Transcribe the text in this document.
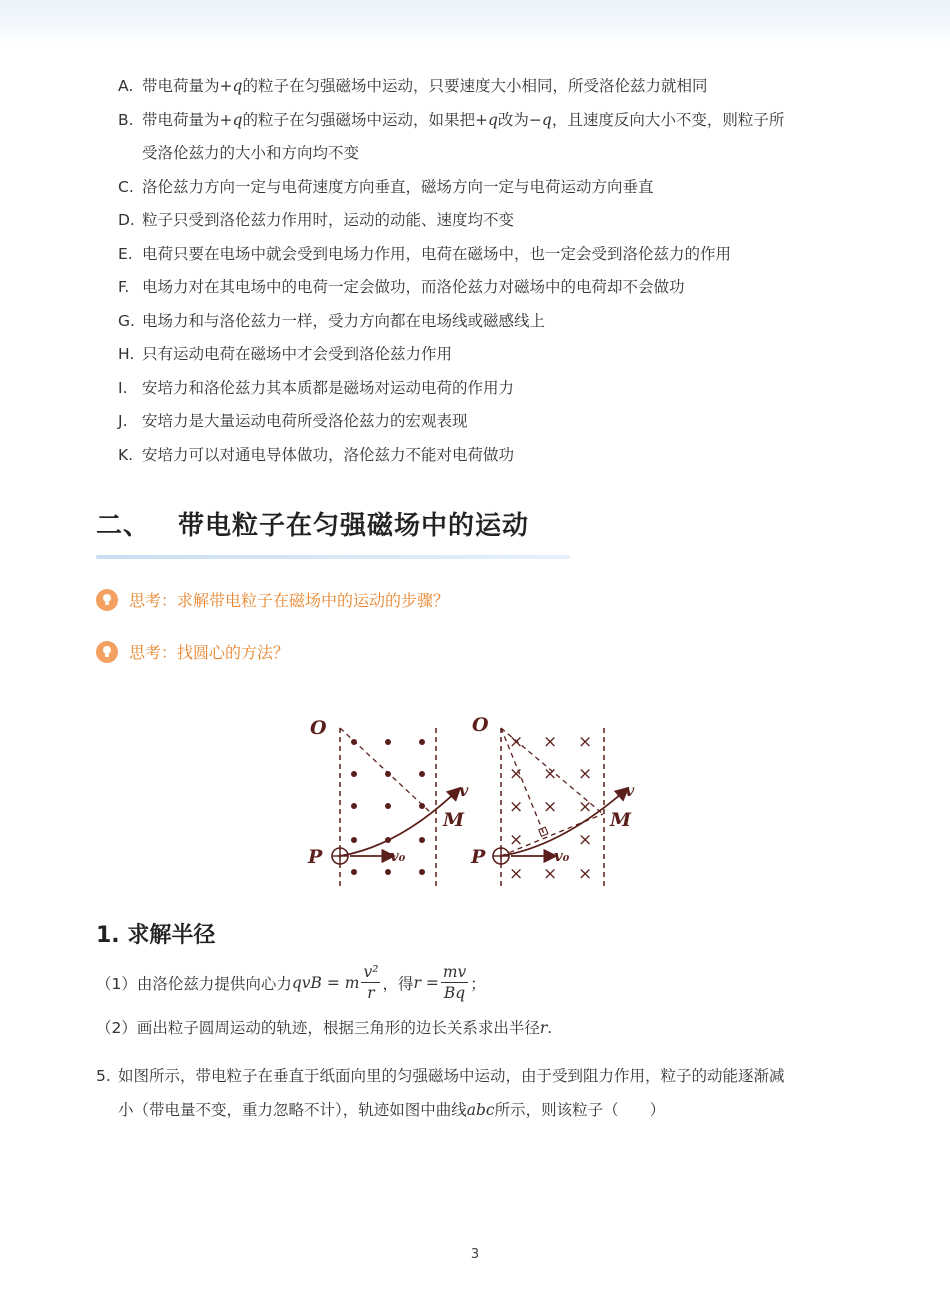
A. 带电荷量为+q的粒子在匀强磁场中运动，只要速度大小相同，所受洛伦兹力就相同
B. 带电荷量为+q的粒子在匀强磁场中运动，如果把+q改为−q，且速度反向大小不变，则粒子所
受洛伦兹力的大小和方向均不变
C. 洛伦兹力方向一定与电荷速度方向垂直，磁场方向一定与电荷运动方向垂直
D. 粒子只受到洛伦兹力作用时，运动的动能、速度均不变
E. 电荷只要在电场中就会受到电场力作用，电荷在磁场中，也一定会受到洛伦兹力的作用
F. 电场力对在其电场中的电荷一定会做功，而洛伦兹力对磁场中的电荷却不会做功
G. 电场力和与洛伦兹力一样，受力方向都在电场线或磁感线上
H. 只有运动电荷在磁场中才会受到洛伦兹力作用
I. 安培力和洛伦兹力其本质都是磁场对运动电荷的作用力
J. 安培力是大量运动电荷所受洛伦兹力的宏观表现
K. 安培力可以对通电导体做功，洛伦兹力不能对电荷做功
二、 带电粒子在匀强磁场中的运动
思考：求解带电粒子在磁场中的运动的步骤？
思考：找圆心的方法？
× × ×
× × ×
× × ×
×	×
× × ×
O
P
M
v
v₀
O
P
M
v
v₀
1. 求解半径
（1）由洛伦兹力提供向心力 qvB = m $\frac{\text{v²}}{r}$ ，得 $r = \frac{mv}{Bq}$ ；
（2）画出粒子圆周运动的轨迹，根据三角形的边长关系求出半径r.
5. 如图所示，带电粒子在垂直于纸面向里的匀强磁场中运动，由于受到阻力作用，粒子的动能逐渐减
小（带电量不变，重力忽略不计），轨迹如图中曲线abc所示，则该粒子（　　）
3
